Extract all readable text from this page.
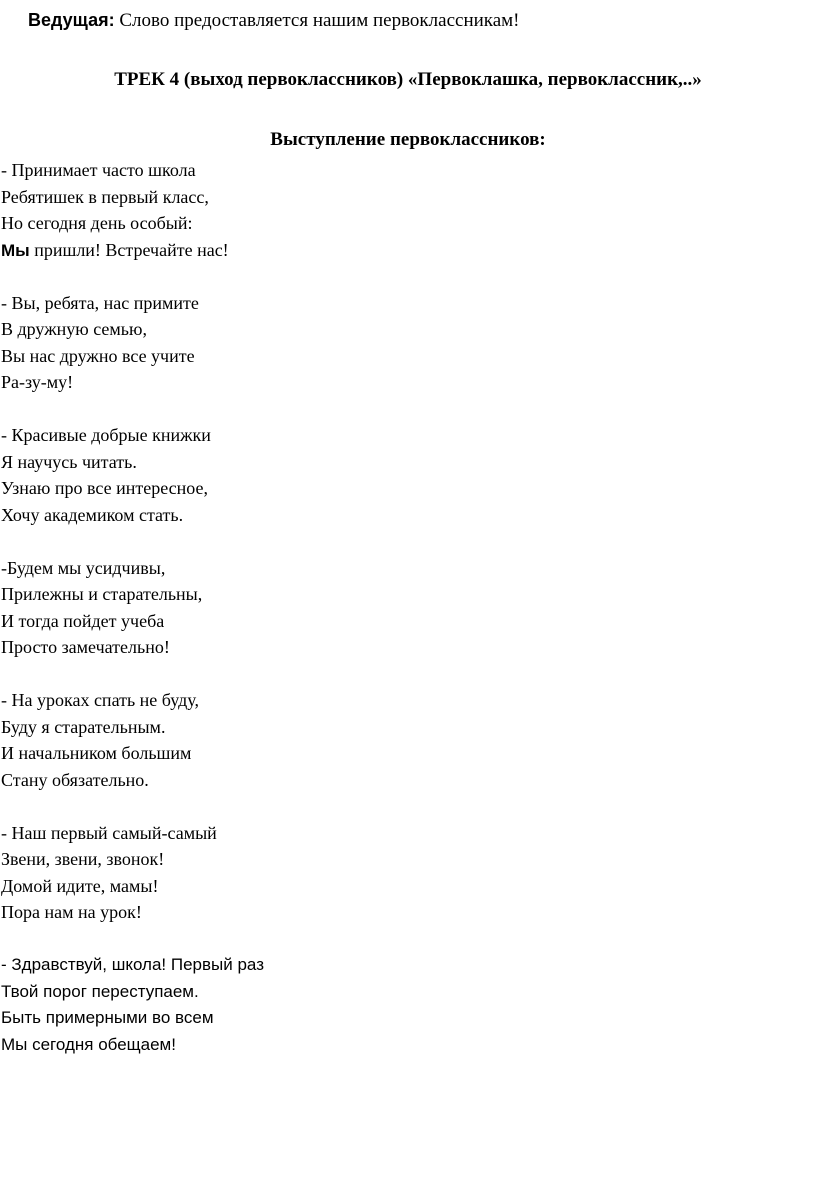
Ведущая: Слово предоставляется нашим первоклассникам!
ТРЕК 4 (выход первоклассников) «Первоклашка, первоклассник,..»
Выступление первоклассников:
- Принимает часто школа
Ребятишек в первый класс,
Но сегодня день особый:
Мы пришли! Встречайте нас!
- Вы, ребята, нас примите
В дружную семью,
Вы нас дружно все учите
Ра-зу-му!
- Красивые добрые книжки
Я научусь читать.
Узнаю про все интересное,
Хочу академиком стать.
-Будем мы усидчивы,
Прилежны и старательны,
И тогда пойдет учеба
Просто замечательно!
- На уроках спать не буду,
Буду я старательным.
И начальником большим
Стану обязательно.
- Наш первый самый-самый
Звени, звени, звонок!
Домой идите, мамы!
Пора нам на урок!
- Здравствуй, школа! Первый раз
Твой порог переступаем.
Быть примерными во всем
Мы сегодня обещаем!
